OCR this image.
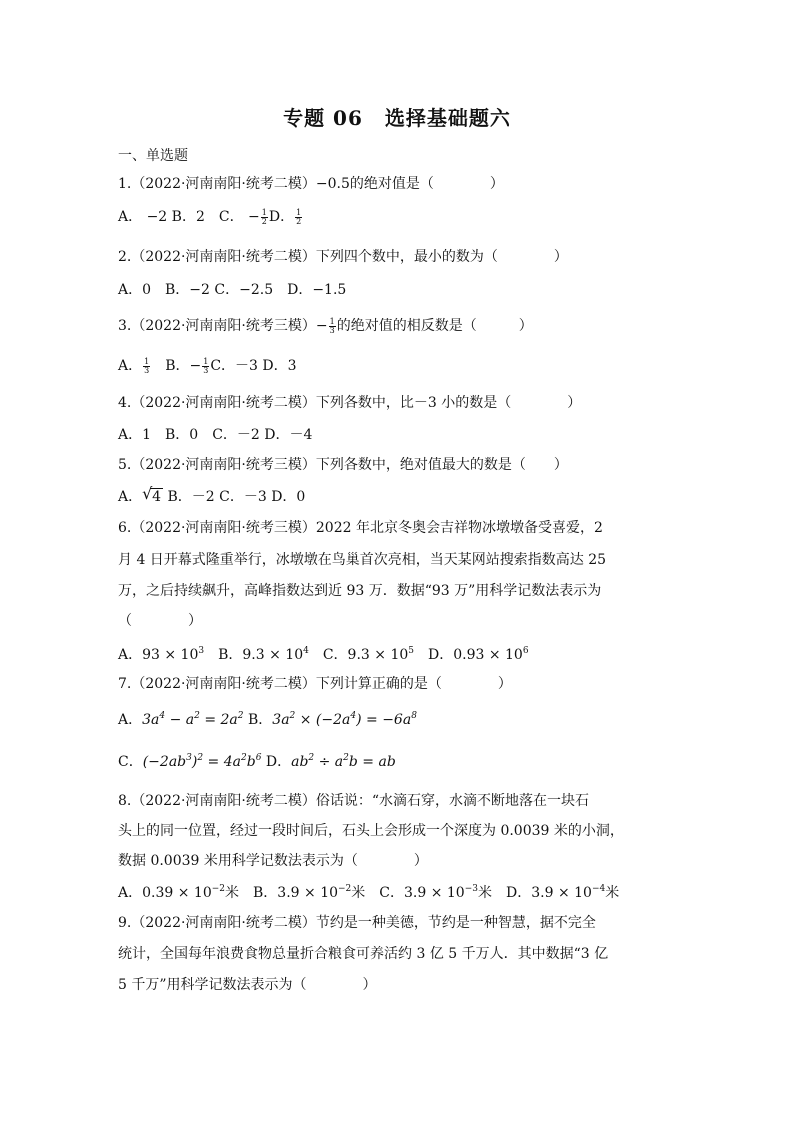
专题 06 选择基础题六
一、单选题
1.（2022·河南南阳·统考二模）−0.5的绝对值是（　　　　）
A． −2 B．2　C． − $\frac{1}{2}$ D． $\frac{1}{2}$
2.（2022·河南南阳·统考二模）下列四个数中，最小的数为（　　　　）
A．0　B．−2 C．−2.5　D．−1.5
3.（2022·河南南阳·统考三模）− $\frac{1}{3}$ 的绝对值的相反数是（　　　）
A． $\frac{1}{3}$ 　B．− $\frac{1}{3}$ C．－3 D．3
4.（2022·河南南阳·统考二模）下列各数中，比－3 小的数是（　　　　）
A．1　B．0　C．－2 D．－4
5.（2022·河南南阳·统考三模）下列各数中，绝对值最大的数是（　　）
A． √ 4 B．－2 C．－3 D．0
6.（2022·河南南阳·统考三模）2022 年北京冬奥会吉祥物冰墩墩备受喜爱，2
月 4 日开幕式隆重举行，冰墩墩在鸟巢首次亮相，当天某网站搜索指数高达 25
万，之后持续飙升，高峰指数达到近 93 万．数据“93 万”用科学记数法表示为
（　　　　）
A．$93 \times 10^3$　B．$9.3 \times 10^4$　C．$9.3 \times 10^5$　D．$0.93 \times 10^6$
7.（2022·河南南阳·统考二模）下列计算正确的是（　　　　）
A．$3a^4 - a^2 = 2a^2$ B．$3a^2 \times (-2a^4) = -6a^8$
C．$(-2ab^3)^2 = 4a^2b^6$ D．$ab^2 \div a^2b$ = ab
8.（2022·河南南阳·统考二模）俗话说：“水滴石穿，水滴不断地落在一块石
头上的同一位置，经过一段时间后，石头上会形成一个深度为 0.0039 米的小洞，
数据 0.0039 米用科学记数法表示为（　　　　）
A．$0.39 \times 10^{-2}$米　B．$3.9 \times 10^{-2}$米　C．$3.9 \times 10^{-3}$米　D．$3.9 \times 10^{-4}$米
9.（2022·河南南阳·统考二模）节约是一种美德，节约是一种智慧，据不完全
统计，全国每年浪费食物总量折合粮食可养活约 3 亿 5 千万人．其中数据“3 亿
5 千万”用科学记数法表示为（　　　　）
